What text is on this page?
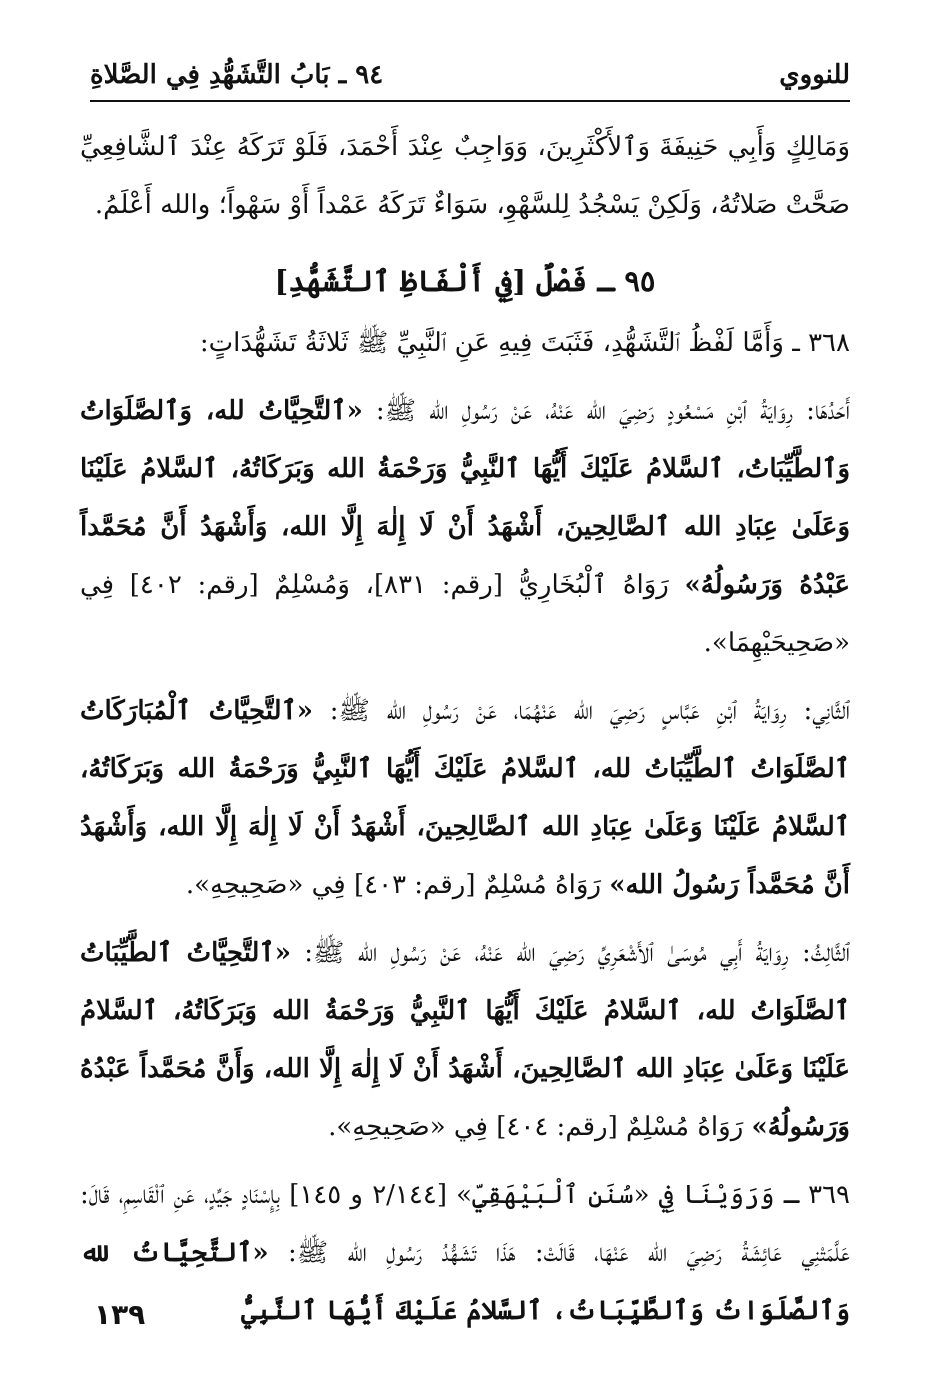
للنووي
٩٤ ـ بَابُ التَّشَهُّدِ فِي الصَّلاةِ

وَمَالِكٍ وَأَبِي حَنِيفَةَ وَٱلأَكْثَرِينَ، وَوَاجِبٌ عِنْدَ أَحْمَدَ، فَلَوْ تَرَكَهُ عِنْدَ ٱلشَّافِعِيِّ صَحَّتْ صَلاتُهُ، وَلَكِنْ يَسْجُدُ لِلسَّهْوِ، سَوَاءٌ تَرَكَهُ عَمْداً أَوْ سَهْواً؛ والله أَعْلَمُ.

٩٥ ـ فَصْلٌ [فِي أَلْفَاظِ ٱلتَّشَهُّدِ]

٣٦٨ ـ وَأَمَّا لَفْظُ ٱلتَّشَهُّدِ، فَثَبَتَ فِيهِ عَنِ ٱلنَّبِيِّ ﷺ ثَلاثَةُ تَشَهُّدَاتٍ:

أَحَدُهَا: رِوَايَةُ ٱبْنِ مَسْعُودٍ رَضِيَ الله عَنْهُ، عَنْ رَسُولِ الله ﷺ: «ٱلتَّحِيَّاتُ لله، وَٱلصَّلَوَاتُ وَٱلطَّيِّبَاتُ، ٱلسَّلامُ عَلَيْكَ أَيُّهَا ٱلنَّبِيُّ وَرَحْمَةُ الله وَبَرَكَاتُهُ، ٱلسَّلامُ عَلَيْنَا وَعَلَىٰ عِبَادِ الله ٱلصَّالِحِينَ، أَشْهَدُ أَنْ لَا إِلٰهَ إِلَّا الله، وَأَشْهَدُ أَنَّ مُحَمَّداً عَبْدُهُ وَرَسُولُهُ» رَوَاهُ ٱلْبُخَارِيُّ [رقم: ٨٣١]، وَمُسْلِمٌ [رقم: ٤٠٢] فِي «صَحِيحَيْهِمَا».

ٱلثَّانِي: رِوَايَةُ ٱبْنِ عَبَّاسٍ رَضِيَ الله عَنْهُمَا، عَنْ رَسُولِ الله ﷺ: «ٱلتَّحِيَّاتُ ٱلْمُبَارَكَاتُ ٱلصَّلَوَاتُ ٱلطَّيِّبَاتُ لله، ٱلسَّلامُ عَلَيْكَ أَيُّهَا ٱلنَّبِيُّ وَرَحْمَةُ الله وَبَرَكَاتُهُ، ٱلسَّلامُ عَلَيْنَا وَعَلَىٰ عِبَادِ الله ٱلصَّالِحِينَ، أَشْهَدُ أَنْ لَا إِلٰهَ إِلَّا الله، وَأَشْهَدُ أَنَّ مُحَمَّداً رَسُولُ الله» رَوَاهُ مُسْلِمٌ [رقم: ٤٠٣] فِي «صَحِيحِهِ».

ٱلثَّالِثُ: رِوَايَةُ أَبِي مُوسَىٰ ٱلأَشْعَرِيِّ رَضِيَ الله عَنْهُ، عَنْ رَسُولِ الله ﷺ: «ٱلتَّحِيَّاتُ ٱلطَّيِّبَاتُ ٱلصَّلَوَاتُ لله، ٱلسَّلامُ عَلَيْكَ أَيُّهَا ٱلنَّبِيُّ وَرَحْمَةُ الله وَبَرَكَاتُهُ، ٱلسَّلامُ عَلَيْنَا وَعَلَىٰ عِبَادِ الله ٱلصَّالِحِينَ، أَشْهَدُ أَنْ لَا إِلٰهَ إِلَّا الله، وَأَنَّ مُحَمَّداً عَبْدُهُ وَرَسُولُهُ» رَوَاهُ مُسْلِمٌ [رقم: ٤٠٤] فِي «صَحِيحِهِ».

٣٦٩ ـ وَرَوَيْنَا فِي «سُنَنِ ٱلْبَيْهَقِيِّ» [٢/١٤٤ و ١٤٥] بِإِسْنَادٍ جَيِّدٍ، عَنِ ٱلْقَاسِمِ، قَالَ: عَلَّمَتْنِي عَائِشَةُ رَضِيَ الله عَنْهَا، قَالَتْ: هَذَا تَشَهُّدُ رَسُولِ الله ﷺ: «ٱلتَّحِيَّاتُ لله وَٱلصَّلَوَاتُ وَٱلطَّيِّبَاتُ، ٱلسَّلامُ عَلَيْكَ أَيُّهَا ٱلنَّبِيُّ

١٣٩
